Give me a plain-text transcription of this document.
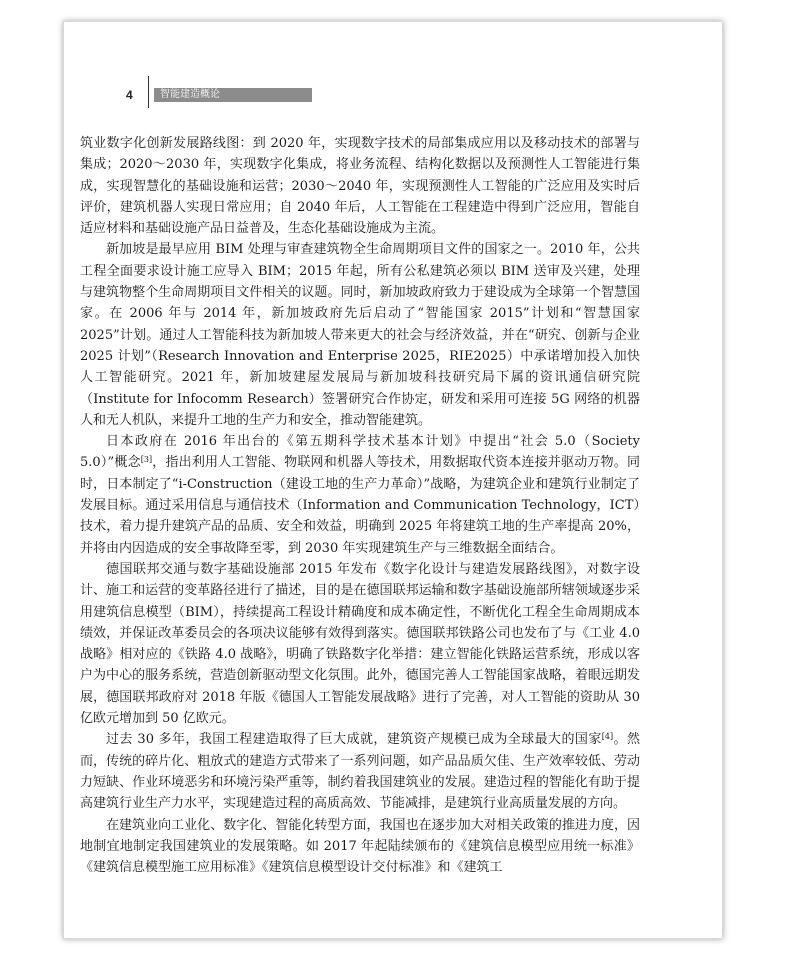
4	智能建造概论

筑业数字化创新发展路线图：到 2020 年，实现数字技术的局部集成应用以及移动技术的部署与集成；2020～2030 年，实现数字化集成，将业务流程、结构化数据以及预测性人工智能进行集成，实现智慧化的基础设施和运营；2030～2040 年，实现预测性人工智能的广泛应用及实时后评价，建筑机器人实现日常应用；自 2040 年后，人工智能在工程建造中得到广泛应用，智能自适应材料和基础设施产品日益普及，生态化基础设施成为主流。

新加坡是最早应用 BIM 处理与审查建筑物全生命周期项目文件的国家之一。2010 年，公共工程全面要求设计施工应导入 BIM；2015 年起，所有公私建筑必须以 BIM 送审及兴建，处理与建筑物整个生命周期项目文件相关的议题。同时，新加坡政府致力于建设成为全球第一个智慧国家。在 2006 年与 2014 年，新加坡政府先后启动了“智能国家 2015”计划和“智慧国家 2025”计划。通过人工智能科技为新加坡人带来更大的社会与经济效益，并在“研究、创新与企业 2025 计划”（Research Innovation and Enterprise 2025，RIE2025）中承诺增加投入加快人工智能研究。2021 年，新加坡建屋发展局与新加坡科技研究局下属的资讯通信研究院（Institute for Infocomm Research）签署研究合作协定，研发和采用可连接 5G 网络的机器人和无人机队，来提升工地的生产力和安全，推动智能建筑。

日本政府在 2016 年出台的《第五期科学技术基本计划》中提出“社会 5.0（Society 5.0）”概念[3]，指出利用人工智能、物联网和机器人等技术，用数据取代资本连接并驱动万物。同时，日本制定了“i-Construction（建设工地的生产力革命）”战略，为建筑企业和建筑行业制定了发展目标。通过采用信息与通信技术（Information and Communication Technology，ICT）技术，着力提升建筑产品的品质、安全和效益，明确到 2025 年将建筑工地的生产率提高 20%，并将由内因造成的安全事故降至零，到 2030 年实现建筑生产与三维数据全面结合。

德国联邦交通与数字基础设施部 2015 年发布《数字化设计与建造发展路线图》，对数字设计、施工和运营的变革路径进行了描述，目的是在德国联邦运输和数字基础设施部所辖领域逐步采用建筑信息模型（BIM），持续提高工程设计精确度和成本确定性，不断优化工程全生命周期成本绩效，并保证改革委员会的各项决议能够有效得到落实。德国联邦铁路公司也发布了与《工业 4.0 战略》相对应的《铁路 4.0 战略》，明确了铁路数字化举措：建立智能化铁路运营系统，形成以客户为中心的服务系统，营造创新驱动型文化氛围。此外，德国完善人工智能国家战略，着眼远期发展，德国联邦政府对 2018 年版《德国人工智能发展战略》进行了完善，对人工智能的资助从 30 亿欧元增加到 50 亿欧元。

过去 30 多年，我国工程建造取得了巨大成就，建筑资产规模已成为全球最大的国家[4]。然而，传统的碎片化、粗放式的建造方式带来了一系列问题，如产品品质欠佳、生产效率较低、劳动力短缺、作业环境恶劣和环境污染严重等，制约着我国建筑业的发展。建造过程的智能化有助于提高建筑行业生产力水平，实现建造过程的高质高效、节能减排，是建筑行业高质量发展的方向。

在建筑业向工业化、数字化、智能化转型方面，我国也在逐步加大对相关政策的推进力度，因地制宜地制定我国建筑业的发展策略。如 2017 年起陆续颁布的《建筑信息模型应用统一标准》《建筑信息模型施工应用标准》《建筑信息模型设计交付标准》和《建筑工
